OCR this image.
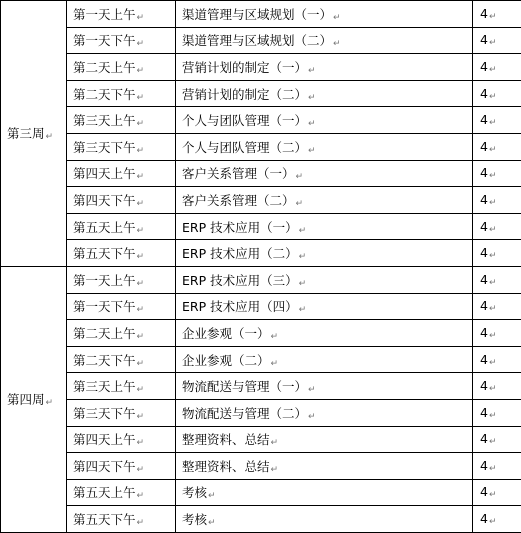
第三周↵	第一天上午↵	渠道管理与区域规划（一）↵	4↵
	第一天下午↵	渠道管理与区域规划（二）↵	4↵
	第二天上午↵	营销计划的制定（一）↵	4↵
	第二天下午↵	营销计划的制定（二）↵	4↵
	第三天上午↵	个人与团队管理（一）↵	4↵
	第三天下午↵	个人与团队管理（二）↵	4↵
	第四天上午↵	客户关系管理（一）↵	4↵
	第四天下午↵	客户关系管理（二）↵	4↵
	第五天上午↵	ERP 技术应用（一）↵	4↵
	第五天下午↵	ERP 技术应用（二）↵	4↵
第四周↵	第一天上午↵	ERP 技术应用（三）↵	4↵
	第一天下午↵	ERP 技术应用（四）↵	4↵
	第二天上午↵	企业参观（一）↵	4↵
	第二天下午↵	企业参观（二）↵	4↵
	第三天上午↵	物流配送与管理（一）↵	4↵
	第三天下午↵	物流配送与管理（二）↵	4↵
	第四天上午↵	整理资料、总结↵	4↵
	第四天下午↵	整理资料、总结↵	4↵
	第五天上午↵	考核↵	4↵
	第五天下午↵	考核↵	4↵
